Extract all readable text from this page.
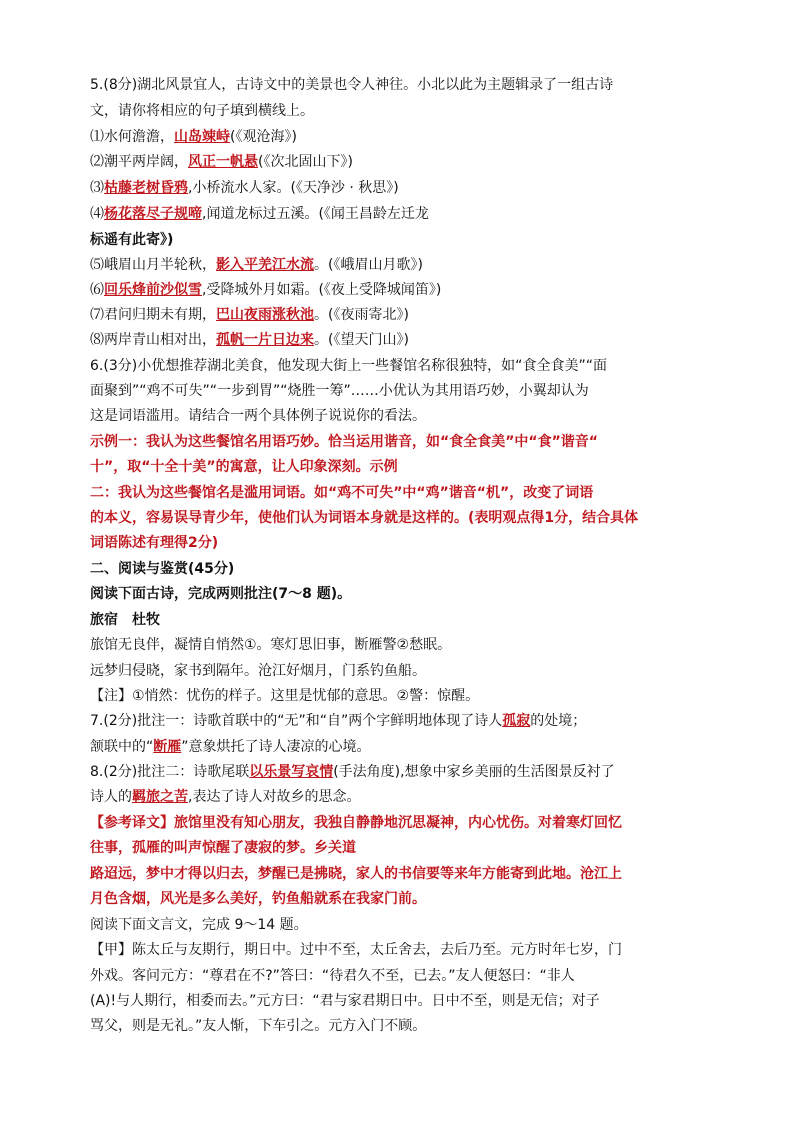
5.(8分)湖北风景宜人，古诗文中的美景也令人神往。小北以此为主题辑录了一组古诗
文，请你将相应的句子填到横线上。
⑴水何澹澹，山岛竦峙(《观沧海》)
⑵潮平两岸阔，风正一帆悬(《次北固山下》)
⑶枯藤老树昏鸦,小桥流水人家。(《天净沙 · 秋思》)
⑷杨花落尽子规啼,闻道龙标过五溪。(《闻王昌龄左迁龙
标遥有此寄》)
⑸峨眉山月半轮秋，影入平羌江水流。(《峨眉山月歌》)
⑹回乐烽前沙似雪,受降城外月如霜。(《夜上受降城闻笛》)
⑺君问归期未有期，巴山夜雨涨秋池。(《夜雨寄北》)
⑻两岸青山相对出，孤帆一片日边来。(《望天门山》)
6.(3分)小优想推荐湖北美食，他发现大街上一些餐馆名称很独特，如“食全食美”“面
面聚到”“鸡不可失”“一步到胃”“烧胜一筹”……小优认为其用语巧妙，小翼却认为
这是词语滥用。请结合一两个具体例子说说你的看法。
示例一：我认为这些餐馆名用语巧妙。恰当运用谐音，如“食全食美”中“食”谐音“
十”，取“十全十美”的寓意，让人印象深刻。示例
二：我认为这些餐馆名是滥用词语。如“鸡不可失”中“鸡”谐音“机”，改变了词语
的本义，容易误导青少年，使他们认为词语本身就是这样的。(表明观点得1分，结合具体
词语陈述有理得2分)
二、阅读与鉴赏(45分)
阅读下面古诗，完成两则批注(7～8 题)。
旅宿 杜牧
旅馆无良伴，凝情自悄然①。寒灯思旧事，断雁警②愁眠。
远梦归侵晓，家书到隔年。沧江好烟月，门系钓鱼船。
【注】①悄然：忧伤的样子。这里是忧郁的意思。②警：惊醒。
7.(2分)批注一：诗歌首联中的“无”和“自”两个字鲜明地体现了诗人孤寂的处境；
颔联中的“断雁”意象烘托了诗人凄凉的心境。
8.(2分)批注二：诗歌尾联以乐景写哀情(手法角度),想象中家乡美丽的生活图景反衬了
诗人的羁旅之苦,表达了诗人对故乡的思念。
【参考译文】旅馆里没有知心朋友，我独自静静地沉思凝神，内心忧伤。对着寒灯回忆
往事，孤雁的叫声惊醒了凄寂的梦。乡关道
路迢远，梦中才得以归去，梦醒已是拂晓，家人的书信要等来年方能寄到此地。沧江上
月色含烟，风光是多么美好，钓鱼船就系在我家门前。
阅读下面文言文，完成 9～14 题。
【甲】陈太丘与友期行，期日中。过中不至，太丘舍去，去后乃至。元方时年七岁，门
外戏。客问元方：“尊君在不?”答曰：“待君久不至，已去。”友人便怒曰：“非人
(A)!与人期行，相委而去。”元方曰：“君与家君期日中。日中不至，则是无信；对子
骂父，则是无礼。”友人惭，下车引之。元方入门不顾。
